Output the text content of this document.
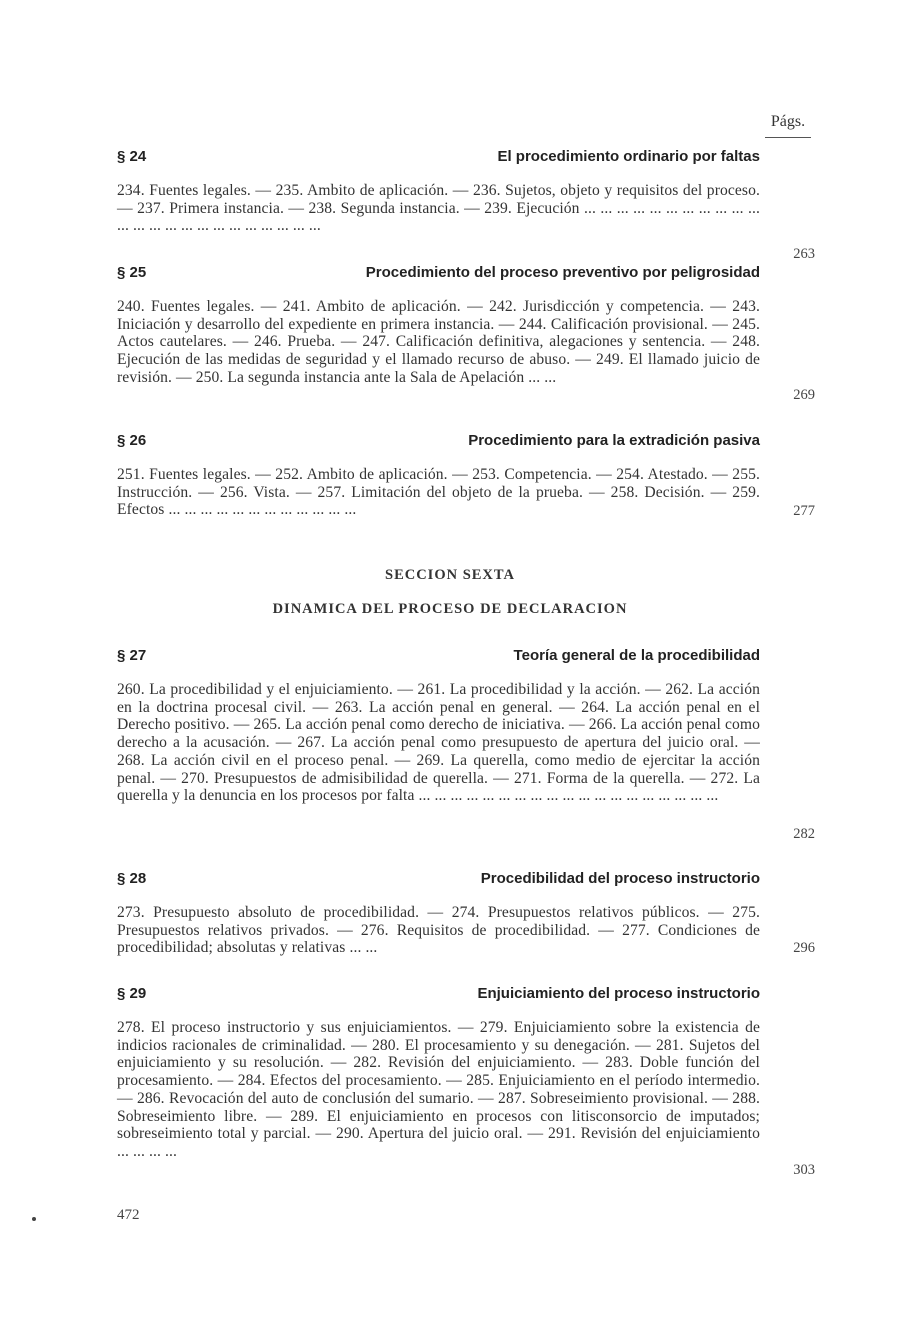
Págs.
§ 24	El procedimiento ordinario por faltas
234. Fuentes legales. — 235. Ambito de aplicación. — 236. Sujetos, objeto y requisitos del proceso. — 237. Primera instancia. — 238. Segunda instancia. — 239. Ejecución ... ... ... ... ... ... ... ... ... ... ... ... ... ... ... ... ... ... ... ... ... ... ... ...
263
§ 25	Procedimiento del proceso preventivo por peligrosidad
240. Fuentes legales. — 241. Ambito de aplicación. — 242. Jurisdicción y competencia. — 243. Iniciación y desarrollo del expediente en primera instancia. — 244. Calificación provisional. — 245. Actos cautelares. — 246. Prueba. — 247. Calificación definitiva, alegaciones y sentencia. — 248. Ejecución de las medidas de seguridad y el llamado recurso de abuso. — 249. El llamado juicio de revisión. — 250. La segunda instancia ante la Sala de Apelación ... ...
269
§ 26	Procedimiento para la extradición pasiva
251. Fuentes legales. — 252. Ambito de aplicación. — 253. Competencia. — 254. Atestado. — 255. Instrucción. — 256. Vista. — 257. Limitación del objeto de la prueba. — 258. Decisión. — 259. Efectos ... ... ... ... ... ... ... ... ... ... ... ...	277
SECCION SEXTA
DINAMICA DEL PROCESO DE DECLARACION
§ 27	Teoría general de la procedibilidad
260. La procedibilidad y el enjuiciamiento. — 261. La procedibilidad y la acción. — 262. La acción en la doctrina procesal civil. — 263. La acción penal en general. — 264. La acción penal en el Derecho positivo. — 265. La acción penal como derecho de iniciativa. — 266. La acción penal como derecho a la acusación. — 267. La acción penal como presupuesto de apertura del juicio oral. — 268. La acción civil en el proceso penal. — 269. La querella, como medio de ejercitar la acción penal. — 270. Presupuestos de admisibilidad de querella. — 271. Forma de la querella. — 272. La querella y la denuncia en los procesos por falta ... ... ... ... ... ... ... ... ... ... ... ... ... ... ... ... ... ... ...
282
§ 28	Procedibilidad del proceso instructorio
273. Presupuesto absoluto de procedibilidad. — 274. Presupuestos relativos públicos. — 275. Presupuestos relativos privados. — 276. Requisitos de procedibilidad. — 277. Condiciones de procedibilidad; absolutas y relativas ... ...	296
§ 29	Enjuiciamiento del proceso instructorio
278. El proceso instructorio y sus enjuiciamientos. — 279. Enjuiciamiento sobre la existencia de indicios racionales de criminalidad. — 280. El procesamiento y su denegación. — 281. Sujetos del enjuiciamiento y su resolución. — 282. Revisión del enjuiciamiento. — 283. Doble función del procesamiento. — 284. Efectos del procesamiento. — 285. Enjuiciamiento en el período intermedio. — 286. Revocación del auto de conclusión del sumario. — 287. Sobreseimiento provisional. — 288. Sobreseimiento libre. — 289. El enjuiciamiento en procesos con litisconsorcio de imputados; sobreseimiento total y parcial. — 290. Apertura del juicio oral. — 291. Revisión del enjuiciamiento ... ... ... ...
303
472
